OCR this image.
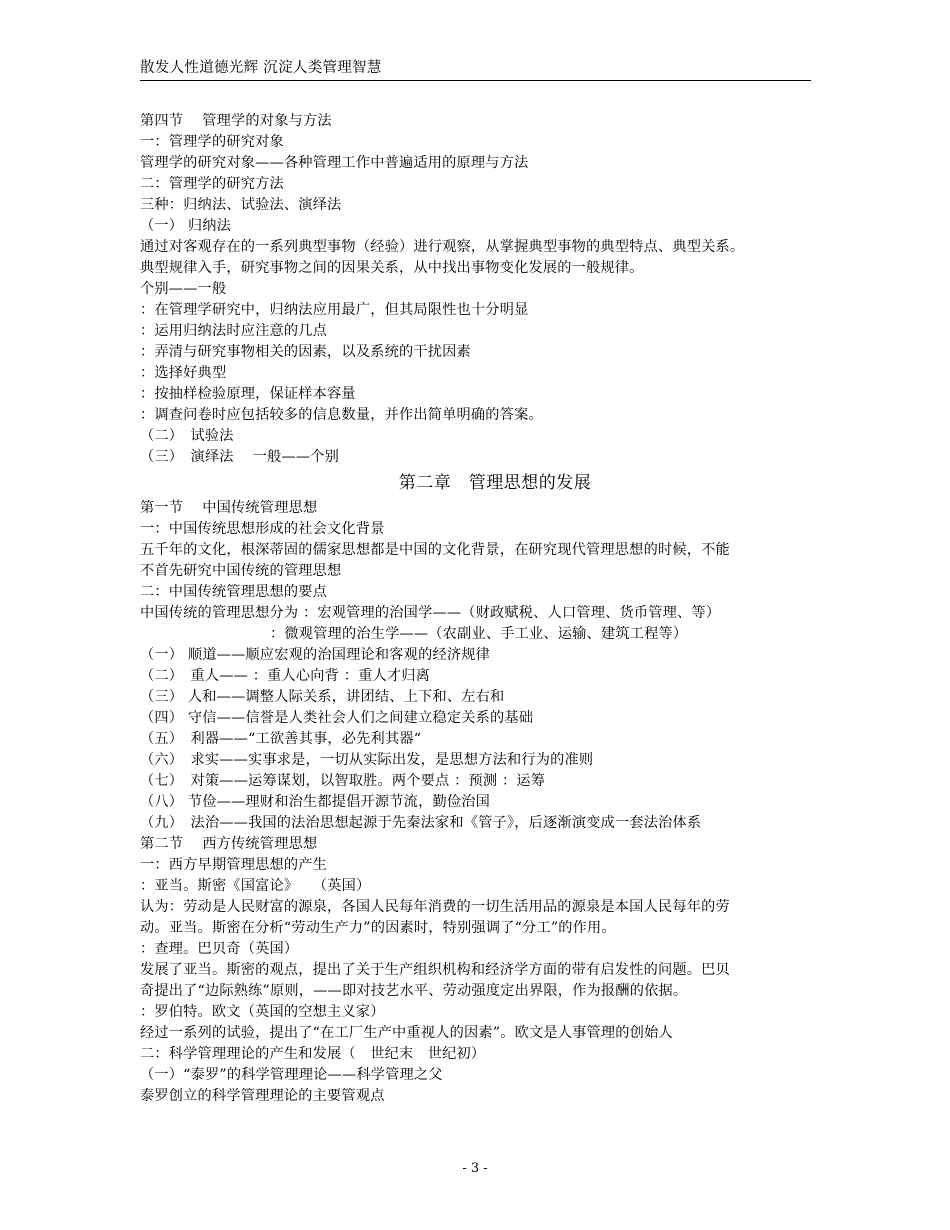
散发人性道德光辉 沉淀人类管理智慧
第四节　 管理学的对象与方法
一：管理学的研究对象
管理学的研究对象——各种管理工作中普遍适用的原理与方法
二：管理学的研究方法
三种：归纳法、试验法、演绎法
（一） 归纳法
通过对客观存在的一系列典型事物（经验）进行观察，从掌握典型事物的典型特点、典型关系。
典型规律入手，研究事物之间的因果关系，从中找出事物变化发展的一般规律。
个别——一般
：在管理学研究中，归纳法应用最广，但其局限性也十分明显
：运用归纳法时应注意的几点
：弄清与研究事物相关的因素，以及系统的干扰因素
：选择好典型
：按抽样检验原理，保证样本容量
：调查问卷时应包括较多的信息数量，并作出简单明确的答案。
（二）　试验法
（三）　演绎法　 一般——个别
第二章　管理思想的发展
第一节　 中国传统管理思想
一：中国传统思想形成的社会文化背景
五千年的文化，根深蒂固的儒家思想都是中国的文化背景，在研究现代管理思想的时候，不能
不首先研究中国传统的管理思想
二：中国传统管理思想的要点
中国传统的管理思想分为 ：宏观管理的治国学——（财政赋税、人口管理、货币管理、等）
：微观管理的治生学——（农副业、手工业、运输、建筑工程等）
（一） 顺道——顺应宏观的治国理论和客观的经济规律
（二）　重人—— ：重人心向背 ：重人才归离
（三） 人和——调整人际关系，讲团结、上下和、左右和
（四） 守信——信誉是人类社会人们之间建立稳定关系的基础
（五）　利器——“工欲善其事，必先利其器“
（六）　求实——实事求是，一切从实际出发，是思想方法和行为的准则
（七）　对策——运筹谋划，以智取胜。两个要点 ：预测 ：运筹
（八） 节俭——理财和治生都提倡开源节流，勤俭治国
（九）　法治——我国的法治思想起源于先秦法家和《管子》，后逐渐演变成一套法治体系
第二节　 西方传统管理思想
一：西方早期管理思想的产生
：亚当。斯密《国富论》　　（英国）
认为：劳动是人民财富的源泉，各国人民每年消费的一切生活用品的源泉是本国人民每年的劳
动。亚当。斯密在分析“劳动生产力”的因素时，特别强调了“分工”的作用。
：查理。巴贝奇（英国）
发展了亚当。斯密的观点，提出了关于生产组织机构和经济学方面的带有启发性的问题。巴贝
奇提出了“边际熟练”原则，——即对技艺水平、劳动强度定出界限，作为报酬的依据。
：罗伯特。欧文（英国的空想主义家）
经过一系列的试验，提出了“在工厂生产中重视人的因素”。欧文是人事管理的创始人
二：科学管理理论的产生和发展（　世纪末　世纪初）
（一）“泰罗”的科学管理理论——科学管理之父
泰罗创立的科学管理理论的主要管观点
- 3 -
